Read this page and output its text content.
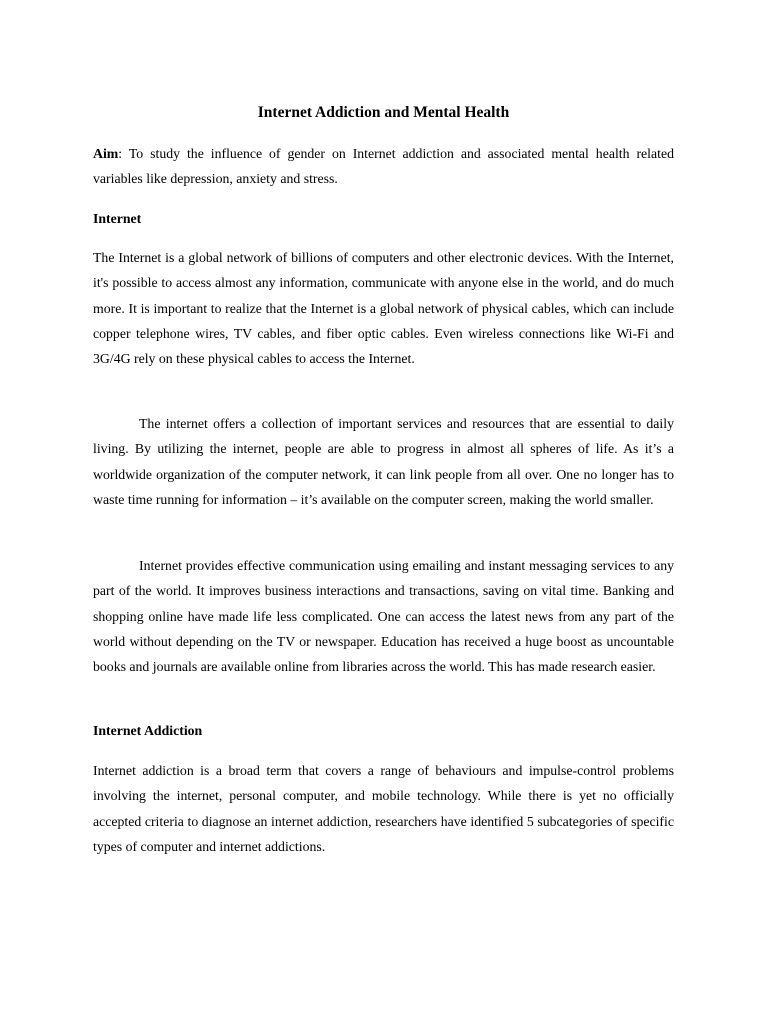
Internet Addiction and Mental Health

Aim: To study the influence of gender on Internet addiction and associated mental health related variables like depression, anxiety and stress.

Internet

The Internet is a global network of billions of computers and other electronic devices. With the Internet, it's possible to access almost any information, communicate with anyone else in the world, and do much more. It is important to realize that the Internet is a global network of physical cables, which can include copper telephone wires, TV cables, and fiber optic cables. Even wireless connections like Wi-Fi and 3G/4G rely on these physical cables to access the Internet.

The internet offers a collection of important services and resources that are essential to daily living. By utilizing the internet, people are able to progress in almost all spheres of life. As it’s a worldwide organization of the computer network, it can link people from all over. One no longer has to waste time running for information – it’s available on the computer screen, making the world smaller.

Internet provides effective communication using emailing and instant messaging services to any part of the world. It improves business interactions and transactions, saving on vital time. Banking and shopping online have made life less complicated. One can access the latest news from any part of the world without depending on the TV or newspaper. Education has received a huge boost as uncountable books and journals are available online from libraries across the world. This has made research easier.

Internet Addiction

Internet addiction is a broad term that covers a range of behaviours and impulse-control problems involving the internet, personal computer, and mobile technology. While there is yet no officially accepted criteria to diagnose an internet addiction, researchers have identified 5 subcategories of specific types of computer and internet addictions.
